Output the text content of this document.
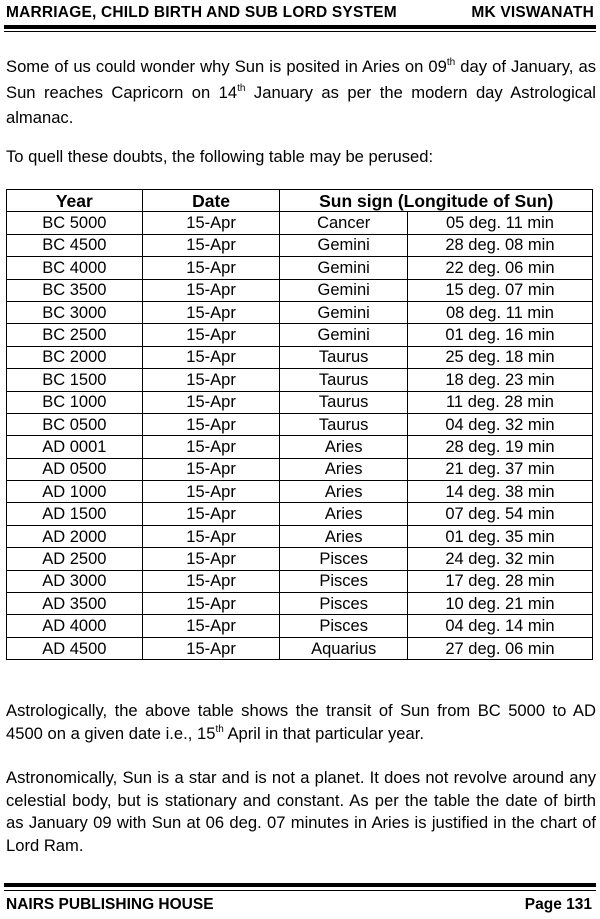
MARRIAGE, CHILD BIRTH AND SUB LORD SYSTEM	MK VISWANATH

Some of us could wonder why Sun is posited in Aries on 09th day of January, as Sun reaches Capricorn on 14th January as per the modern day Astrological almanac.

To quell these doubts, the following table may be perused:

Year	Date	Sun sign (Longitude of Sun)	
BC 5000	15-Apr	Cancer	05 deg. 11 min
BC 4500	15-Apr	Gemini	28 deg. 08 min
BC 4000	15-Apr	Gemini	22 deg. 06 min
BC 3500	15-Apr	Gemini	15 deg. 07 min
BC 3000	15-Apr	Gemini	08 deg. 11 min
BC 2500	15-Apr	Gemini	01 deg. 16 min
BC 2000	15-Apr	Taurus	25 deg. 18 min
BC 1500	15-Apr	Taurus	18 deg. 23 min
BC 1000	15-Apr	Taurus	11 deg. 28 min
BC 0500	15-Apr	Taurus	04 deg. 32 min
AD 0001	15-Apr	Aries	28 deg. 19 min
AD 0500	15-Apr	Aries	21 deg. 37 min
AD 1000	15-Apr	Aries	14 deg. 38 min
AD 1500	15-Apr	Aries	07 deg. 54 min
AD 2000	15-Apr	Aries	01 deg. 35 min
AD 2500	15-Apr	Pisces	24 deg. 32 min
AD 3000	15-Apr	Pisces	17 deg. 28 min
AD 3500	15-Apr	Pisces	10 deg. 21 min
AD 4000	15-Apr	Pisces	04 deg. 14 min
AD 4500	15-Apr	Aquarius	27 deg. 06 min

Astrologically, the above table shows the transit of Sun from BC 5000 to AD 4500 on a given date i.e., 15th April in that particular year.

Astronomically, Sun is a star and is not a planet. It does not revolve around any celestial body, but is stationary and constant. As per the table the date of birth as January 09 with Sun at 06 deg. 07 minutes in Aries is justified in the chart of Lord Ram.

NAIRS PUBLISHING HOUSE	Page 131
